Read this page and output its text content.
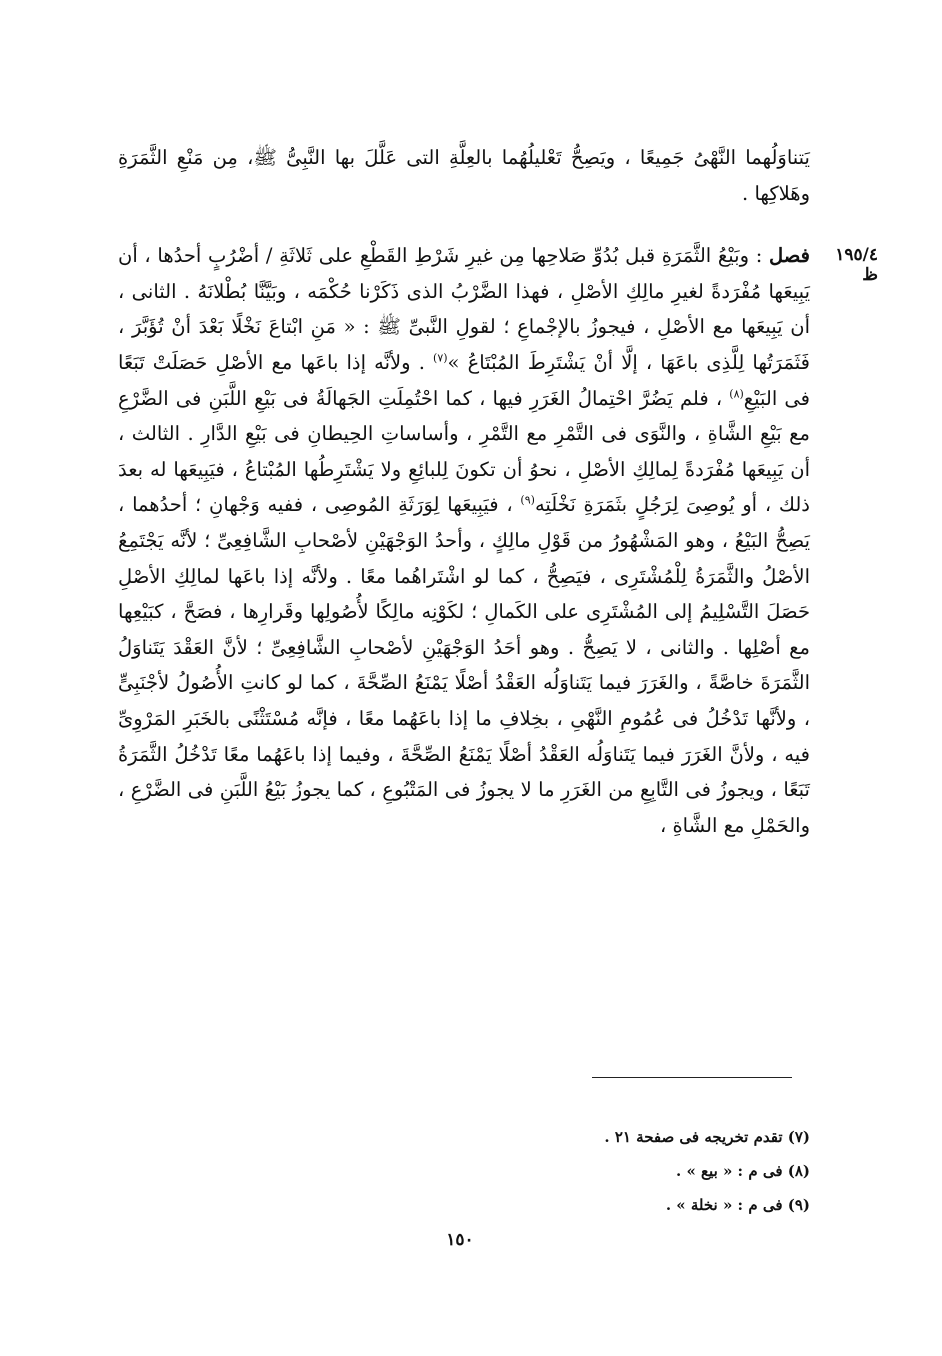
١٩٥/٤ ظ

يَتناوَلُهما النَّهْىُ جَمِيعًا ، ويَصِحُّ تَعْليلُهُما بالعِلَّةِ التى عَلَّلَ بها النَّبِىُّ ﷺ، مِن مَنْعِ الثَّمَرَةِ وهَلاكِها .

فصل : وبَيْعُ الثَّمَرَةِ قبل بُدُوِّ صَلاحِها مِن غيرِ شَرْطِ القَطْعِ على ثَلاثَةِ / أضْرُبٍ أحدُها ، أن يَبِيعَها مُفْرَدةً لغيرِ مالِكِ الأصْلِ ، فهذا الضَّرْبُ الذى ذَكَرْنا حُكْمَه ، وبَيَّنَّا بُطْلانَهُ . الثانى ، أن يَبِيعَها مع الأصْلِ ، فيجوزُ بالإجْماعِ ؛ لقولِ النَّبىِّ ﷺ : « مَنِ ابْتاعَ نَخْلًا بَعْدَ أنْ تُؤَبَّرَ ، فَثَمَرَتُها لِلَّذِى باعَهَا ، إلَّا أنْ يَشْتَرِطَ المُبْتَاعُ »$^{(٧)}$ . ولأنَّه إذا باعَها مع الأصْلِ حَصَلَتْ تَبَعًا فى البَيْعِ$^{(٨)}$ ، فلم يَضُرَّ احْتِمالُ الغَرَرِ فيها ، كما احْتُمِلَتِ الجَهالَةُ فى بَيْعِ اللَّبَنِ فى الضَّرْعِ مع بَيْعِ الشَّاةِ ، والنَّوَى فى التَّمْرِ مع التَّمْرِ ، وأساساتِ الحِيطانِ فى بَيْعِ الدَّارِ . الثالث ، أن يَبِيعَها مُفْرَدةً لِمالِكِ الأصْلِ ، نحوُ أن تكونَ لِلبائِعِ ولا يَشْتَرِطُها المُبْتاعُ ، فيَبِيعَها له بعدَ ذلك ، أو يُوصِىَ لِرَجُلٍ بثَمَرَةِ نَخْلَتِه$^{(٩)}$ ، فيَبِيعَها لِوَرَثَةِ المُوصِى ، ففيه وَجْهانِ ؛ أحدُهما ، يَصِحُّ البَيْعُ ، وهو المَشْهُورُ من قَوْلِ مالِكٍ ، وأحدُ الوَجْهَيْنِ لأصْحابِ الشَّافِعِىِّ ؛ لأنَّه يَجْتَمِعُ الأصْلُ والثَّمَرَةُ لِلْمُشْتَرِى ، فيَصِحُّ ، كما لو اشْتَراهُما معًا . ولأنَّه إذا باعَها لمالِكِ الأصْلِ حَصَلَ التَّسْلِيمُ إلى المُشْتَرِى على الكَمالِ ؛ لكَوْنِه مالِكًا لأُصُولِها وقَرارِها ، فصَحَّ ، كبَيْعِها مع أصْلِها . والثانى ، لا يَصِحُّ . وهو أحَدُ الوَجْهَيْنِ لأصْحابِ الشَّافِعِىِّ ؛ لأنَّ العَقْدَ يَتَناوَلُ الثَّمَرَةَ خاصَّةً ، والغَرَرَ فيما يَتَناوَلُه العَقْدُ أصْلًا يَمْنَعُ الصِّحَّةَ ، كما لو كانتِ الأُصُولُ لأجْنَبِىٍّ ، ولأنَّها تَدْخُلُ فى عُمُومِ النَّهْىِ ، بخِلافِ ما إذا باعَهُما معًا ، فإنَّه مُسْتَثْنًى بالخَبَرِ المَرْوِىِّ فيه ، ولأنَّ الغَرَرَ فيما يَتَناوَلُه العَقْدُ أصْلًا يَمْنَعُ الصِّحَّةَ ، وفيما إذا باعَهُما معًا تَدْخُلُ الثَّمَرَةُ تَبَعًا ، ويجوزُ فى التَّابِعِ من الغَرَرِ ما لا يجوزُ فى المَتْبُوعِ ، كما يجوزُ بَيْعُ اللَّبَنِ فى الضَّرْعِ ، والحَمْلِ مع الشَّاةِ ،

(٧) تقدم تخريجه فى صفحة ٢١ .
(٨) فى م : « بيع » .
(٩) فى م : « نخلة » .
١٥٠
